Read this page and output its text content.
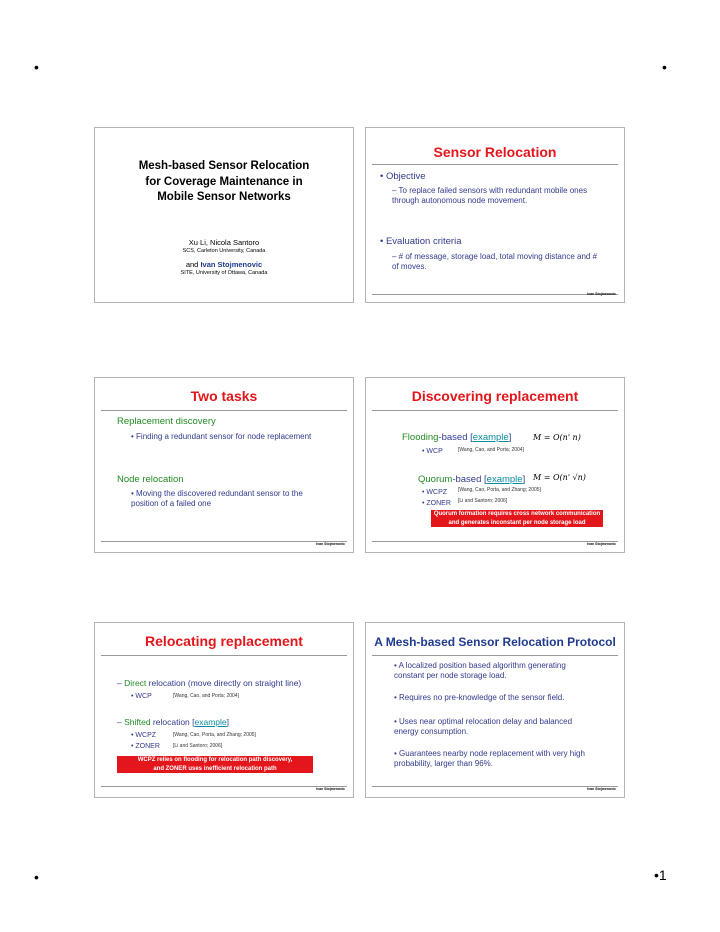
•	•
•	•1
Mesh-based Sensor Relocation
for Coverage Maintenance in
Mobile Sensor Networks
Xu Li, Nicola Santoro
SCS, Carleton University, Canada
and Ivan Stojmenovic
SITE, University of Ottawa, Canada
Sensor Relocation
• Objective
– To replace failed sensors with redundant mobile ones through autonomous node movement.
• Evaluation criteria
– # of message, storage load, total moving distance and # of moves.
Ivan Stojmenovic
Two tasks
Replacement discovery
• Finding a redundant sensor for node replacement
Node relocation
• Moving the discovered redundant sensor to the position of a failed one
Ivan Stojmenovic
Discovering replacement
Flooding-based [example]	M = O(n' n)
• WCP	[Wang, Cao, and Porta; 2004]
Quorum-based [example] M = O(n' √n)
• WCPZ [Wang, Cao, Porta, and Zhang; 2005]
• ZONER [Li and Santoro; 2006]
Quorum formation requires cross network communication
and generates inconstant per node storage load
Ivan Stojmenovic
Relocating replacement
– Direct relocation (move directly on straight line)
• WCP	[Wang, Cao, and Porta; 2004]
– Shifted relocation [example]
• WCPZ	[Wang, Cao, Porta, and Zhang; 2005]
• ZONER	[Li and Santoro; 2006]
WCPZ relies on flooding for relocation path discovery,
and ZONER uses inefficient relocation path
Ivan Stojmenovic
A Mesh-based Sensor Relocation Protocol
• A localized position based algorithm generating constant per node storage load.
• Requires no pre-knowledge of the sensor field.
• Uses near optimal relocation delay and balanced energy consumption.
• Guarantees nearby node replacement with very high probability, larger than 96%.
Ivan Stojmenovic
